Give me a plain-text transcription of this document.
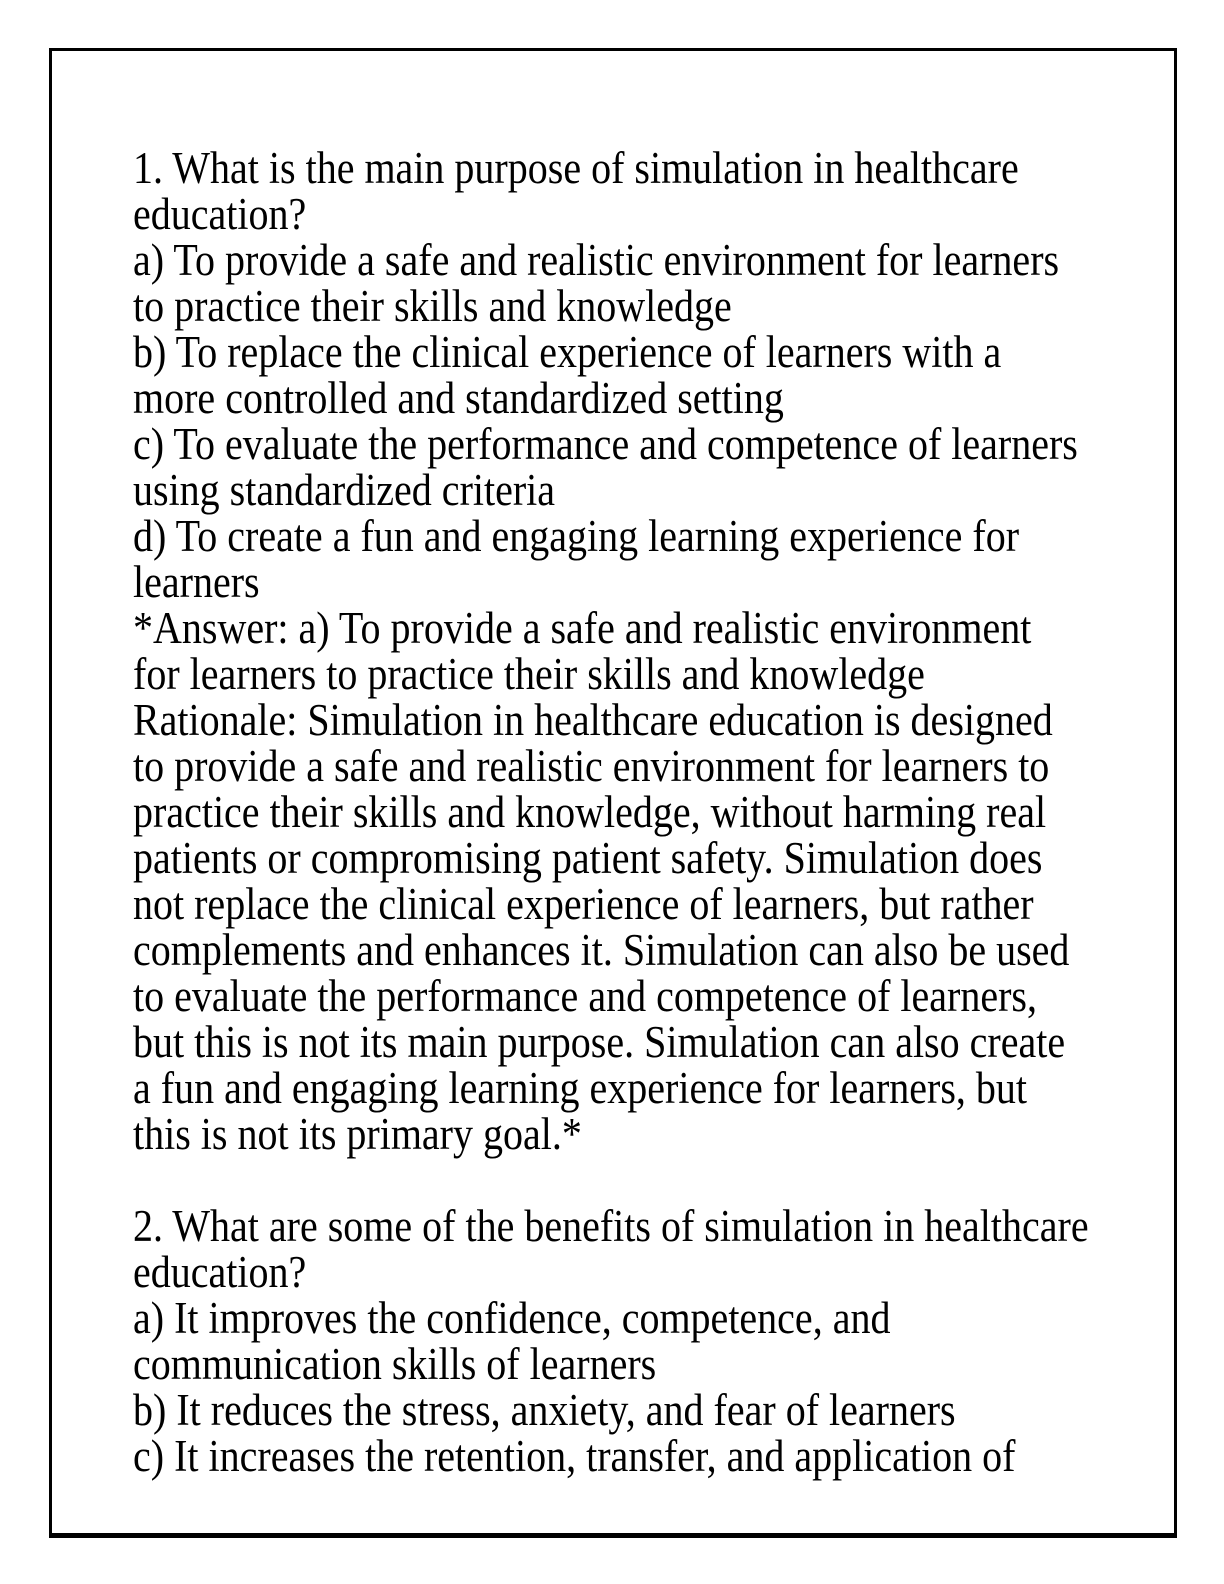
1. What is the main purpose of simulation in healthcare
education?
a) To provide a safe and realistic environment for learners
to practice their skills and knowledge
b) To replace the clinical experience of learners with a
more controlled and standardized setting
c) To evaluate the performance and competence of learners
using standardized criteria
d) To create a fun and engaging learning experience for
learners
*Answer: a) To provide a safe and realistic environment
for learners to practice their skills and knowledge
Rationale: Simulation in healthcare education is designed
to provide a safe and realistic environment for learners to
practice their skills and knowledge, without harming real
patients or compromising patient safety. Simulation does
not replace the clinical experience of learners, but rather
complements and enhances it. Simulation can also be used
to evaluate the performance and competence of learners,
but this is not its main purpose. Simulation can also create
a fun and engaging learning experience for learners, but
this is not its primary goal.*
2. What are some of the benefits of simulation in healthcare
education?
a) It improves the confidence, competence, and
communication skills of learners
b) It reduces the stress, anxiety, and fear of learners
c) It increases the retention, transfer, and application of
